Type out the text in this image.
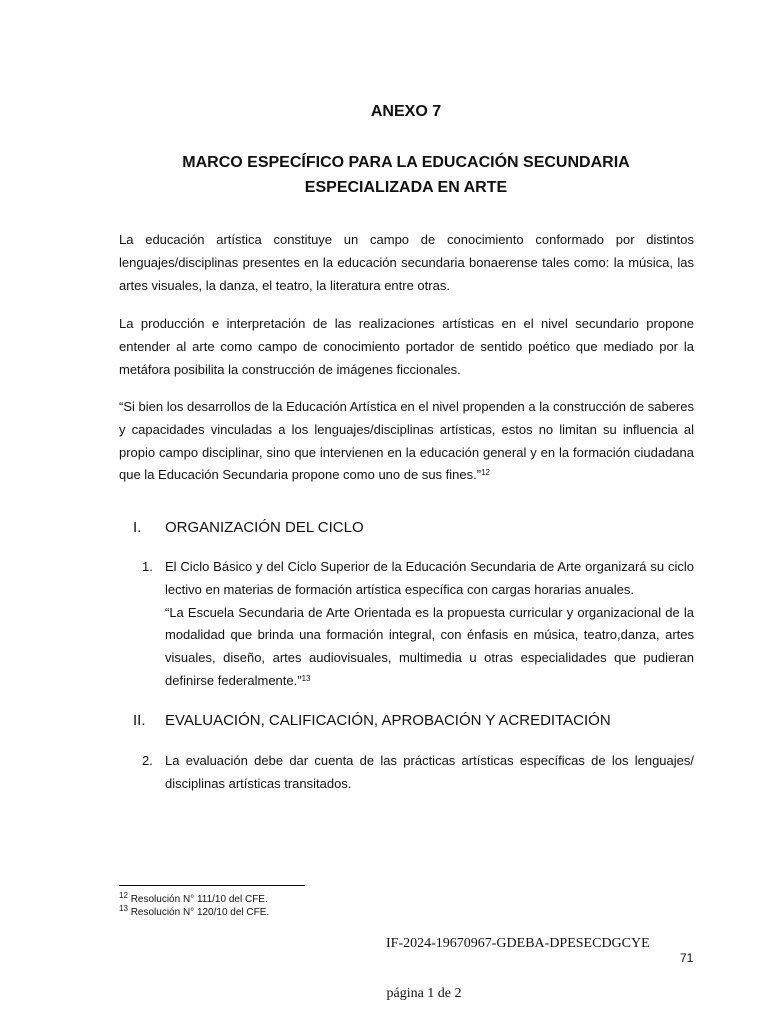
ANEXO 7
MARCO ESPECÍFICO PARA LA EDUCACIÓN SECUNDARIA
ESPECIALIZADA EN ARTE

La educación artística constituye un campo de conocimiento conformado por distintos lenguajes/disciplinas presentes en la educación secundaria bonaerense tales como: la música, las artes visuales, la danza, el teatro, la literatura entre otras.

La producción e interpretación de las realizaciones artísticas en el nivel secundario propone entender al arte como campo de conocimiento portador de sentido poético que mediado por la metáfora posibilita la construcción de imágenes ficcionales.

“Si bien los desarrollos de la Educación Artística en el nivel propenden a la construcción de saberes y capacidades vinculadas a los lenguajes/disciplinas artísticas, estos no limitan su influencia al propio campo disciplinar, sino que intervienen en la educación general y en la formación ciudadana que la Educación Secundaria propone como uno de sus fines.”$^{12}$

I. ORGANIZACIÓN DEL CICLO
1. El Ciclo Básico y del Ciclo Superior de la Educación Secundaria de Arte organizará su ciclo lectivo en materias de formación artística específica con cargas horarias anuales.
“La Escuela Secundaria de Arte Orientada es la propuesta curricular y organizacional de la modalidad que brinda una formación integral, con énfasis en música, teatro,danza, artes visuales, diseño, artes audiovisuales, multimedia u otras especialidades que pudieran definirse federalmente.”$^{13}$
II. EVALUACIÓN, CALIFICACIÓN, APROBACIÓN Y ACREDITACIÓN
2. La evaluación debe dar cuenta de las prácticas artísticas específicas de los lenguajes/ disciplinas artísticas transitados.
$^{12}$ Resolución N° 111/10 del CFE.
$^{13}$ Resolución N° 120/10 del CFE.
IF-2024-19670967-GDEBA-DPESECDGCYE
71
página 1 de 2
